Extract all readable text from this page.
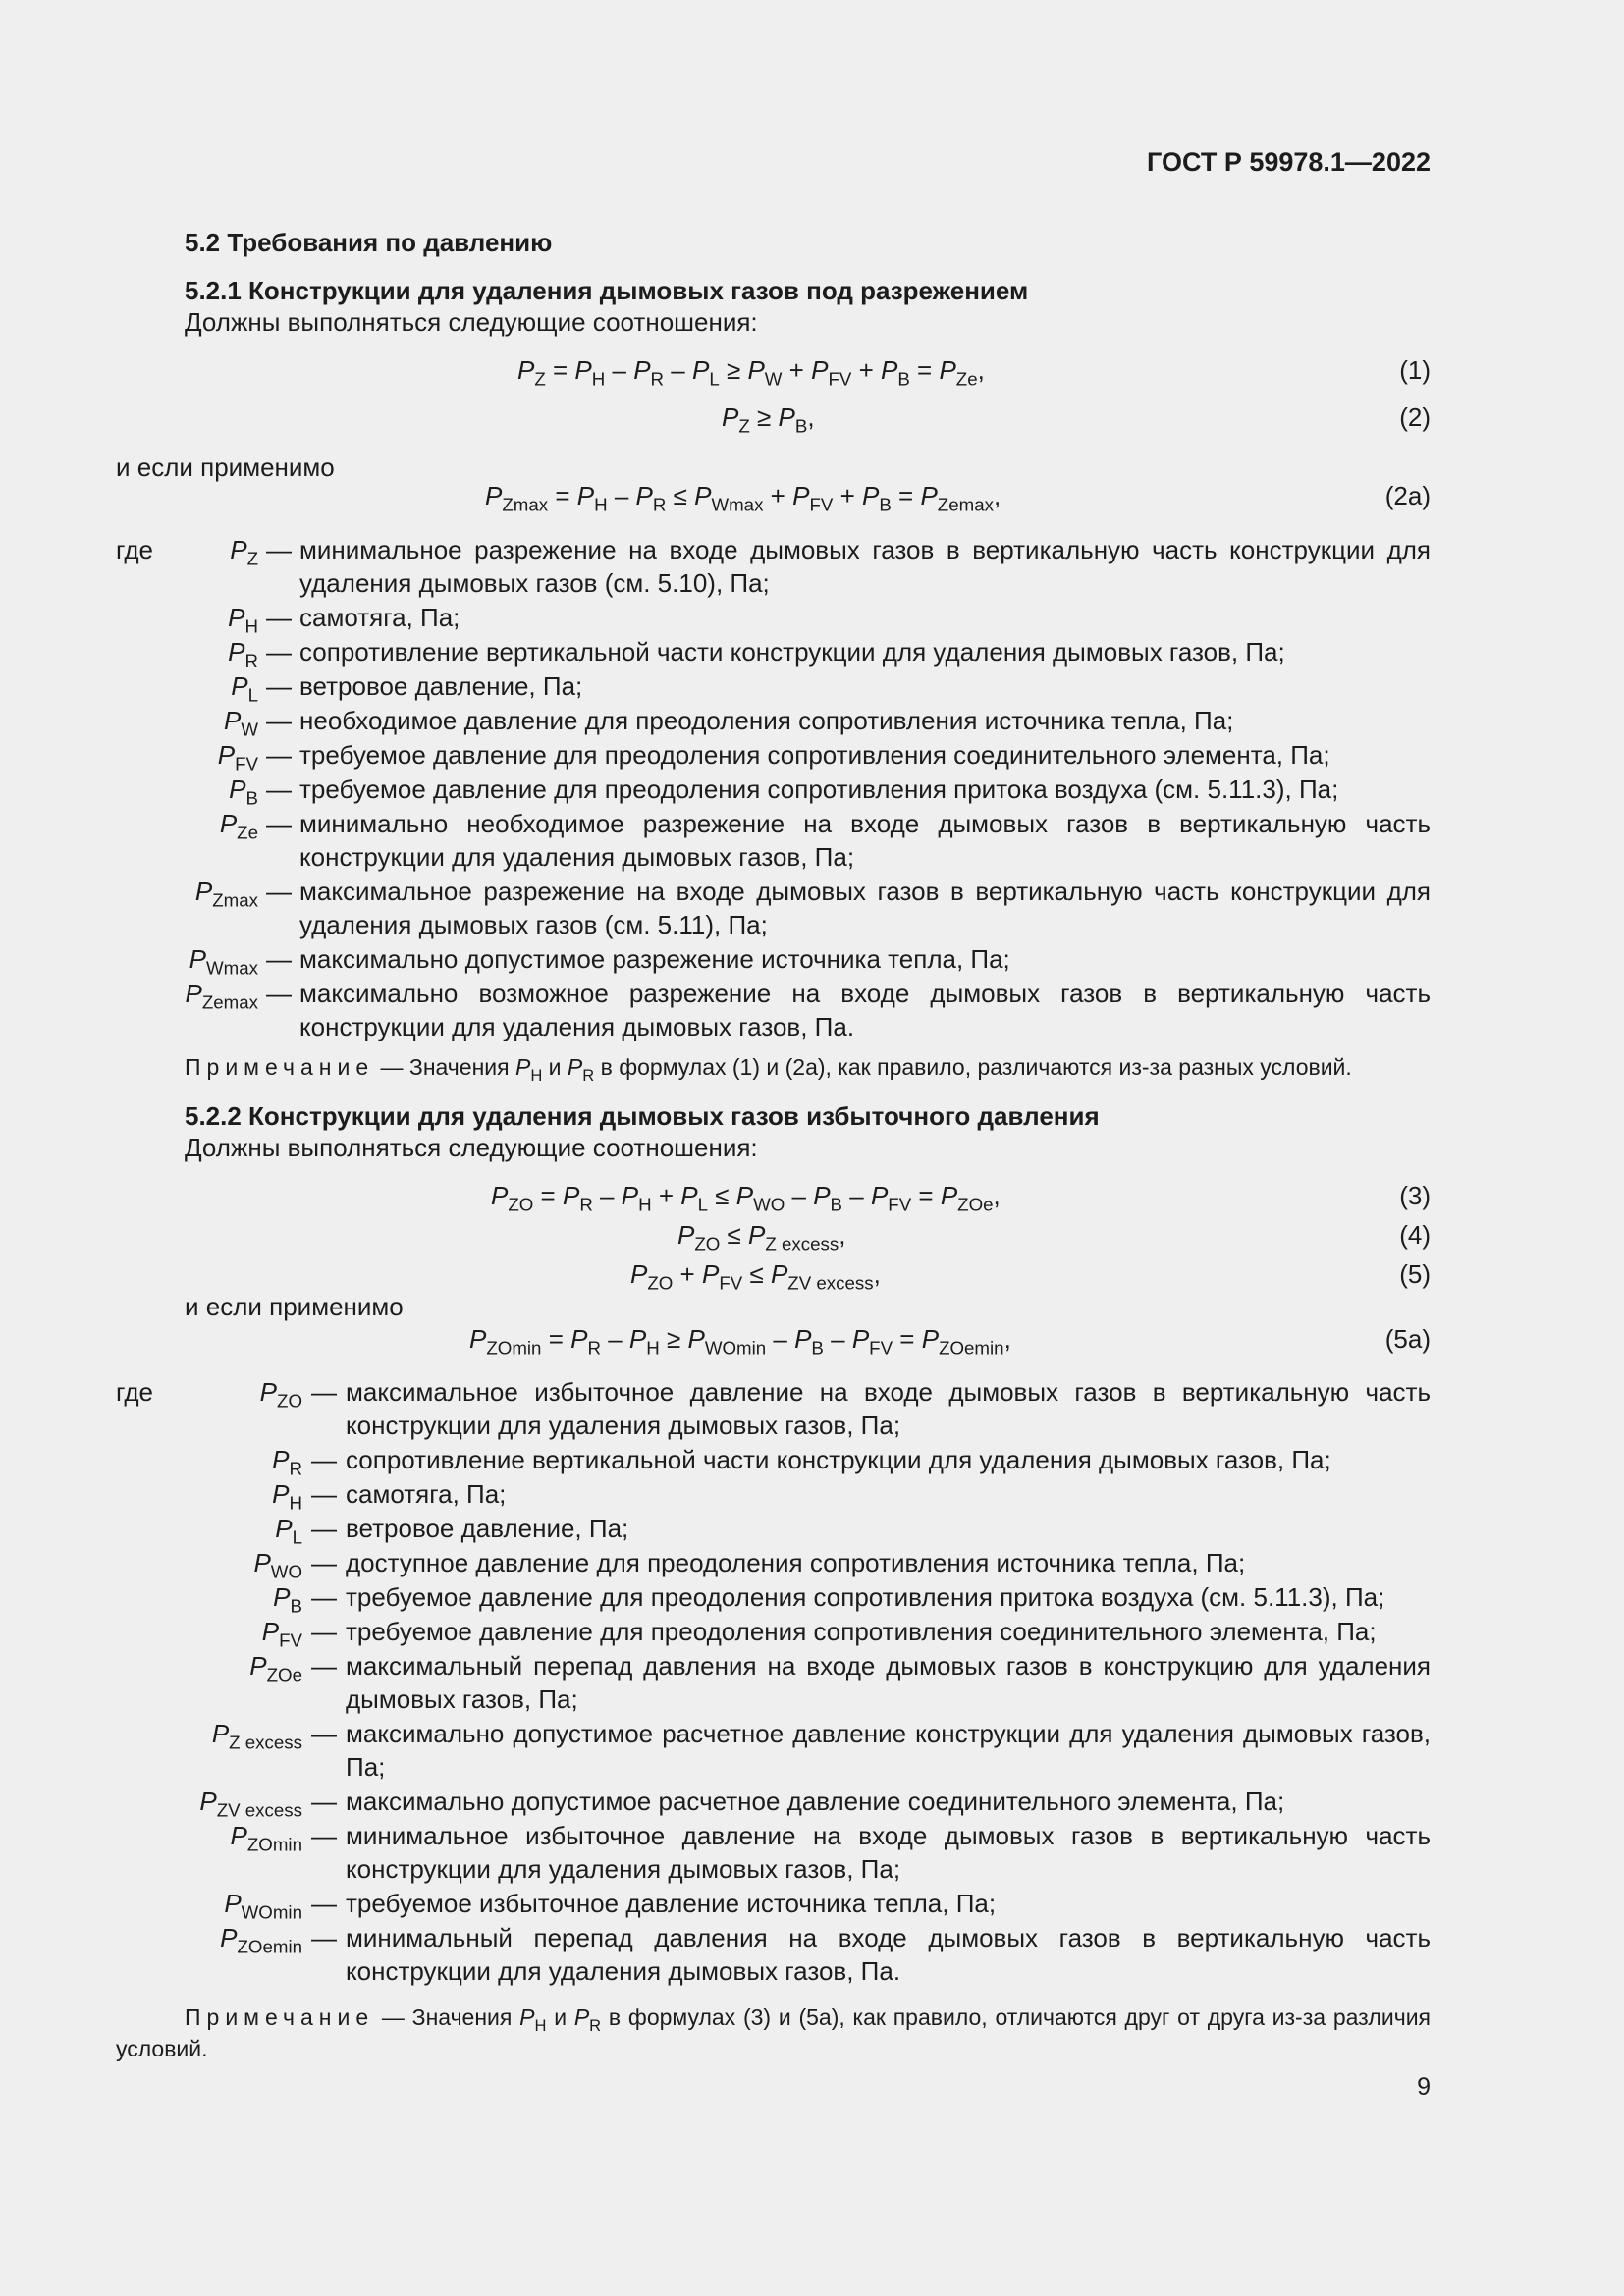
ГОСТ Р 59978.1—2022
5.2 Требования по давлению
5.2.1 Конструкции для удаления дымовых газов под разрежением
Должны выполняться следующие соотношения:
$P_Z = P_H - P_R - P_L \ge P_W + P_{FV} + P_B = P_{Ze}$,	(1)
$P_Z \ge P_B$,	(2)
и если применимо
$P_{Zmax} = P_H - P_R \le P_{Wmax} + P_{FV} + P_B = P_{Zemax}$,	(2а)
где	$P_Z$ — минимальное разрежение на входе дымовых газов в вертикальную часть конструкции для удаления дымовых газов (см. 5.10), Па;
$P_H$ — самотяга, Па;
$P_R$ — сопротивление вертикальной части конструкции для удаления дымовых газов, Па;
$P_L$ — ветровое давление, Па;
$P_W$ — необходимое давление для преодоления сопротивления источника тепла, Па;
$P_{FV}$ — требуемое давление для преодоления сопротивления соединительного элемента, Па;
$P_B$ — требуемое давление для преодоления сопротивления притока воздуха (см. 5.11.3), Па;
$P_{Ze}$ — минимально необходимое разрежение на входе дымовых газов в вертикальную часть конструкции для удаления дымовых газов, Па;
$P_{Zmax}$ — максимальное разрежение на входе дымовых газов в вертикальную часть конструкции для удаления дымовых газов (см. 5.11), Па;
$P_{Wmax}$ — максимально допустимое разрежение источника тепла, Па;
$P_{Zemax}$ — максимально возможное разрежение на входе дымовых газов в вертикальную часть конструкции для удаления дымовых газов, Па.
Примечание — Значения $P_H$ и $P_R$ в формулах (1) и (2а), как правило, различаются из-за разных условий.
5.2.2 Конструкции для удаления дымовых газов избыточного давления
Должны выполняться следующие соотношения:
$P_{ZO} = P_R - P_H + P_L \le P_{WO} - P_B - P_{FV} = P_{ZOe}$,	(3)
$P_{ZO} \le P_{Z excess}$,	(4)
$P_{ZO} + P_{FV} \le P_{ZV excess}$,	(5)
и если применимо
$P_{ZOmin} = P_R - P_H \ge P_{WOmin} - P_B - P_{FV} = P_{ZOemin}$,	(5а)
где	$P_{ZO}$ — максимальное избыточное давление на входе дымовых газов в вертикальную часть конструкции для удаления дымовых газов, Па;
$P_R$ — сопротивление вертикальной части конструкции для удаления дымовых газов, Па;
$P_H$ — самотяга, Па;
$P_L$ — ветровое давление, Па;
$P_{WO}$ — доступное давление для преодоления сопротивления источника тепла, Па;
$P_B$ — требуемое давление для преодоления сопротивления притока воздуха (см. 5.11.3), Па;
$P_{FV}$ — требуемое давление для преодоления сопротивления соединительного элемента, Па;
$P_{ZOe}$ — максимальный перепад давления на входе дымовых газов в конструкцию для удаления дымовых газов, Па;
$P_{Z excess}$ — максимально допустимое расчетное давление конструкции для удаления дымовых газов, Па;
$P_{ZV excess}$ — максимально допустимое расчетное давление соединительного элемента, Па;
$P_{ZOmin}$ — минимальное избыточное давление на входе дымовых газов в вертикальную часть конструкции для удаления дымовых газов, Па;
$P_{WOmin}$ — требуемое избыточное давление источника тепла, Па;
$P_{ZOemin}$ — минимальный перепад давления на входе дымовых газов в вертикальную часть конструкции для удаления дымовых газов, Па.
Примечание — Значения $P_H$ и $P_R$ в формулах (3) и (5а), как правило, отличаются друг от друга из-за различия условий.
9
